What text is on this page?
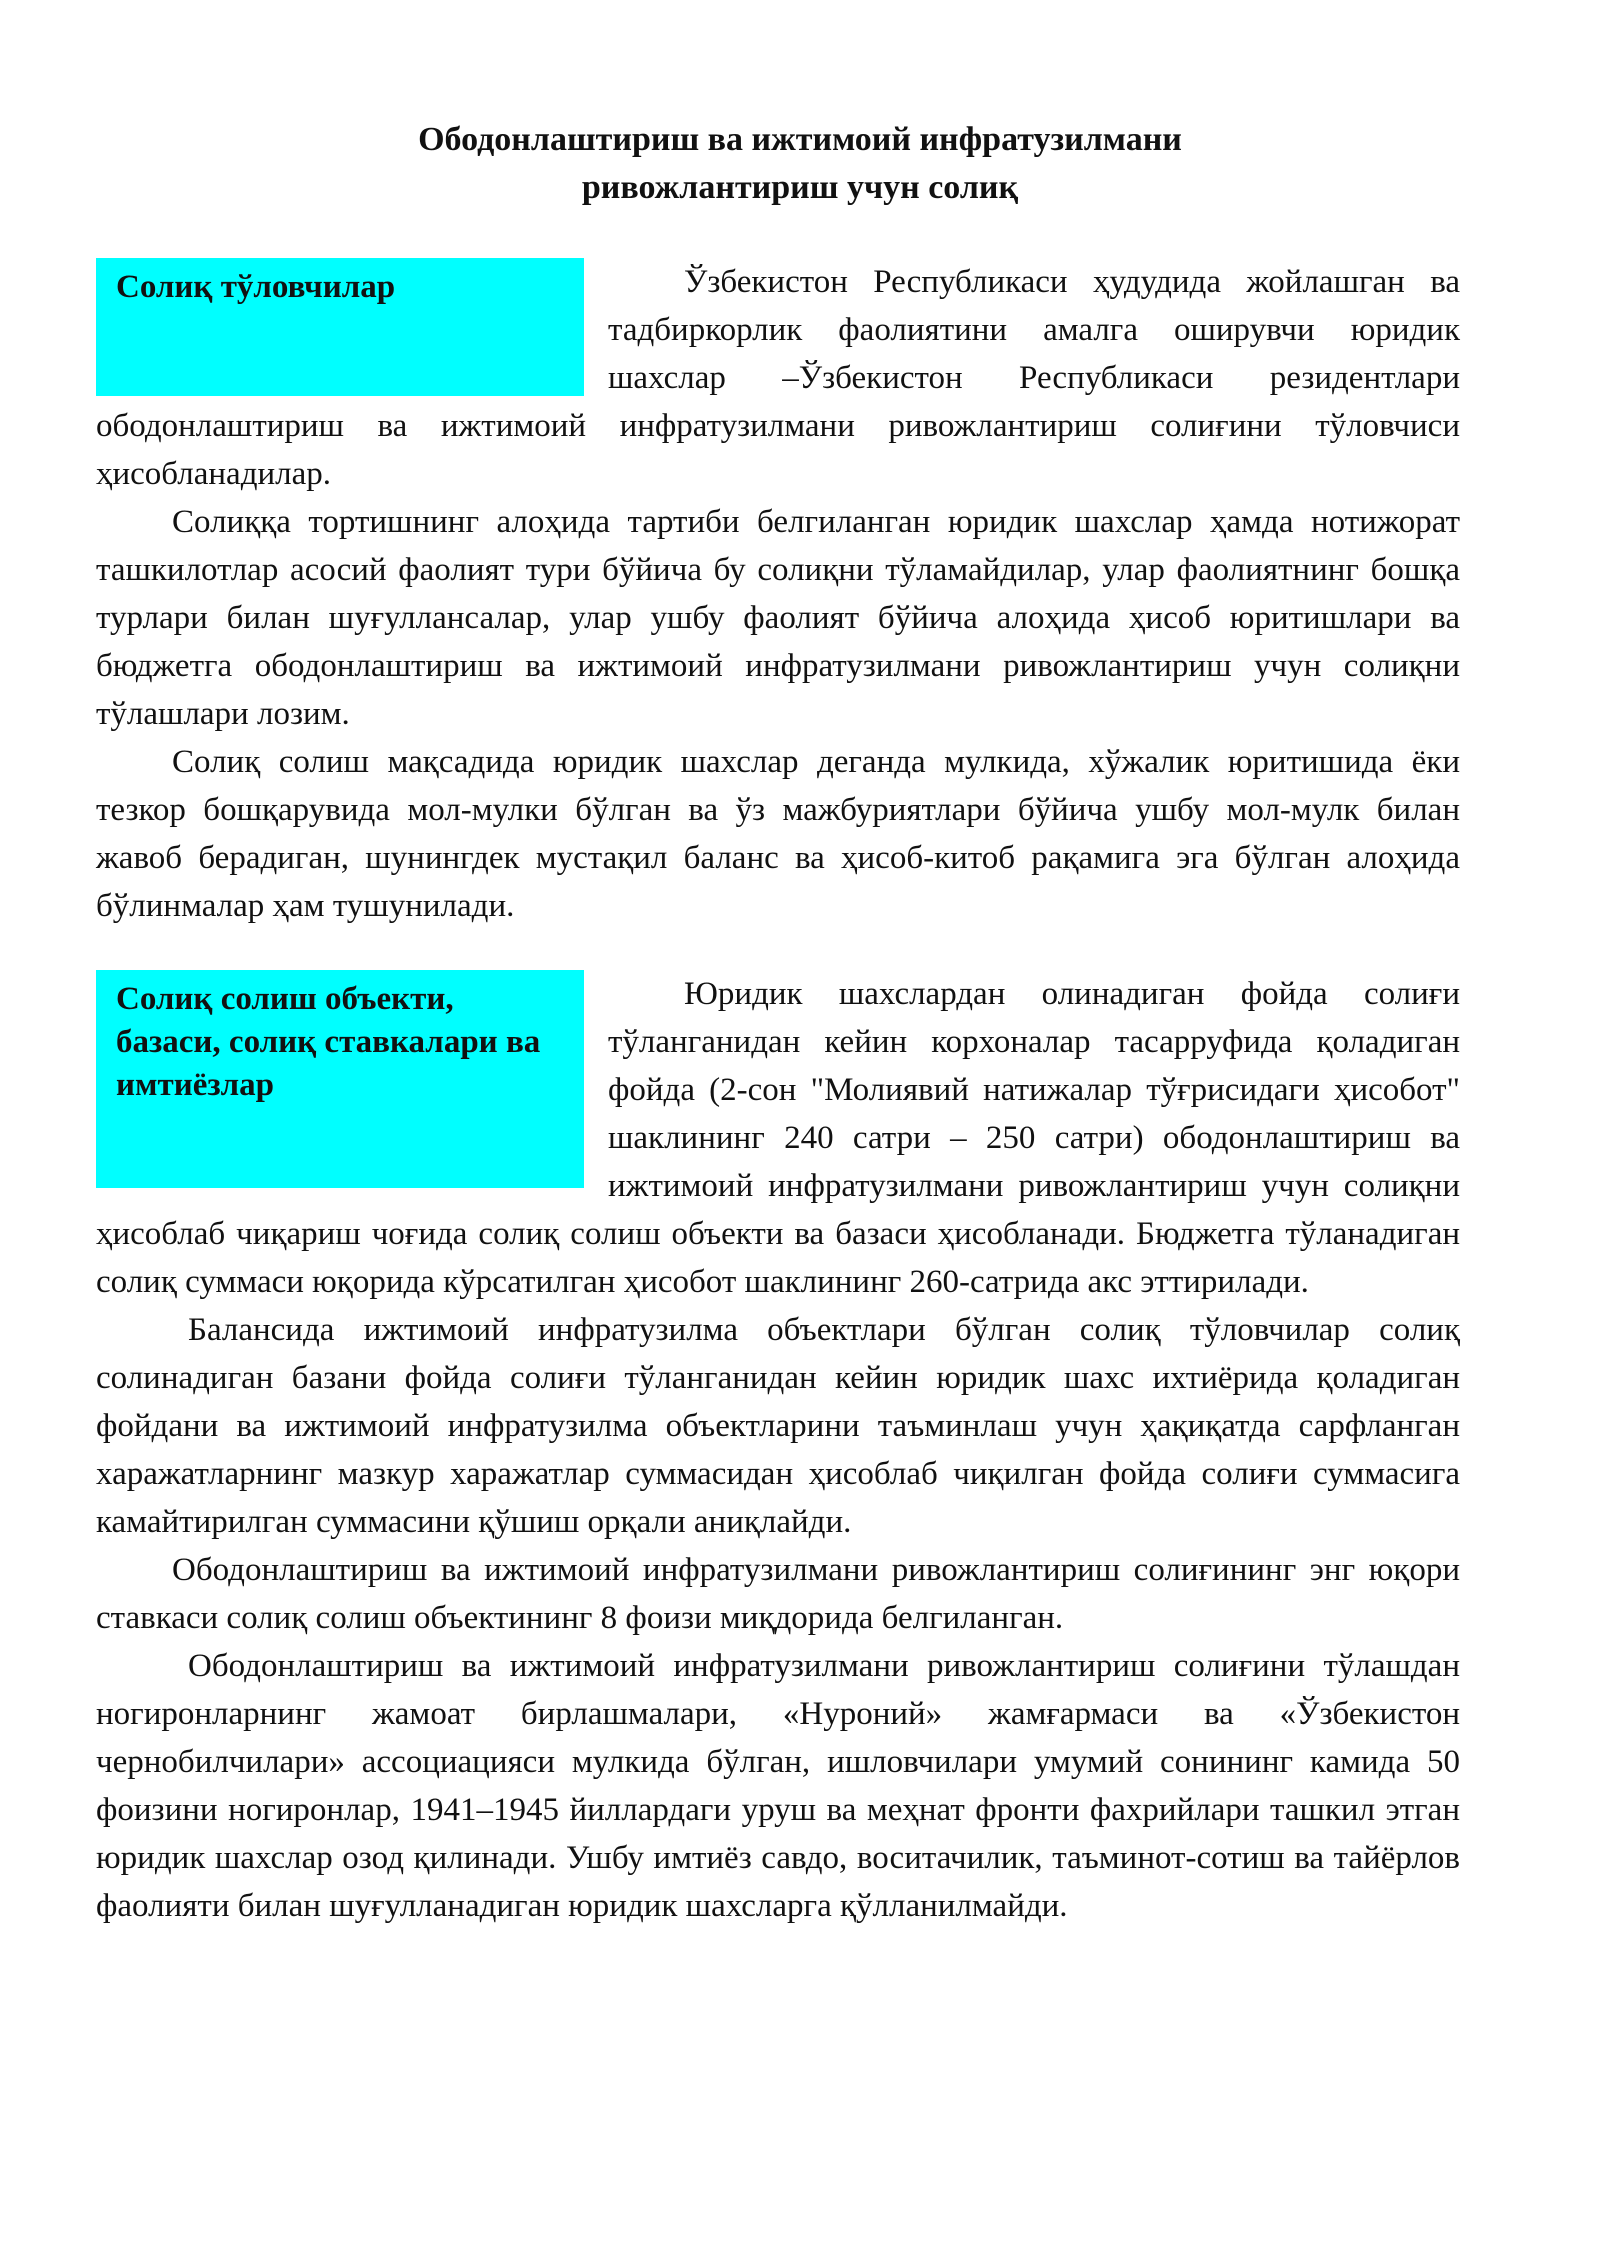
Ободонлаштириш ва ижтимоий инфратузилмани
ривожлантириш учун солиқ
Солиқ тўловчилар	Ўзбекистон Республикаси ҳудудида жойлашган ва тадбиркорлик фаолиятини амалга оширувчи юридик шахслар –Ўзбекистон Республикаси резидентлари ободонлаштириш ва ижтимоий инфратузилмани ривожлантириш солиғини тўловчиси ҳисобланадилар.

Солиққа тортишнинг алоҳида тартиби белгиланган юридик шахслар ҳамда нотижорат ташкилотлар асосий фаолият тури бўйича бу солиқни тўламайдилар, улар фаолиятнинг бошқа турлари билан шуғуллансалар, улар ушбу фаолият бўйича алоҳида ҳисоб юритишлари ва бюджетга ободонлаштириш ва ижтимоий инфратузилмани ривожлантириш учун солиқни тўлашлари лозим.

Солиқ солиш мақсадида юридик шахслар деганда мулкида, хўжалик юритишида ёки тезкор бошқарувида мол-мулки бўлган ва ўз мажбуриятлари бўйича ушбу мол-мулк билан жавоб берадиган, шунингдек мустақил баланс ва ҳисоб-китоб рақамига эга бўлган алоҳида бўлинмалар ҳам тушунилади.

Солиқ солиш объекти, базаси, солиқ ставкалари ва имтиёзлар

Юридик шахслардан олинадиган фойда солиғи тўланганидан кейин корхоналар тасарруфида қоладиган фойда (2-сон "Молиявий натижалар тўғрисидаги ҳисобот" шаклининг 240 сатри – 250 сатри) ободонлаштириш ва ижтимоий инфратузилмани ривожлантириш учун солиқни ҳисоблаб чиқариш чоғида солиқ солиш объекти ва базаси ҳисобланади. Бюджетга тўланадиган солиқ суммаси юқорида кўрсатилган ҳисобот шаклининг 260-сатрида акс эттирилади.

Балансида ижтимоий инфратузилма объектлари бўлган солиқ тўловчилар солиқ солинадиган базани фойда солиғи тўланганидан кейин юридик шахс ихтиёрида қоладиган фойдани ва ижтимоий инфратузилма объектларини таъминлаш учун ҳақиқатда сарфланган харажатларнинг мазкур харажатлар суммасидан ҳисоблаб чиқилган фойда солиғи суммасига камайтирилган суммасини қўшиш орқали аниқлайди.

Ободонлаштириш ва ижтимоий инфратузилмани ривожлантириш солиғининг энг юқори ставкаси солиқ солиш объектининг 8 фоизи миқдорида белгиланган.

Ободонлаштириш ва ижтимоий инфратузилмани ривожлантириш солиғини тўлашдан ногиронларнинг жамоат бирлашмалари, «Нуроний» жамғармаси ва «Ўзбекистон чернобилчилари» ассоциацияси мулкида бўлган, ишловчилари умумий сонининг камида 50 фоизини ногиронлар, 1941–1945 йиллардаги уруш ва меҳнат фронти фахрийлари ташкил этган юридик шахслар озод қилинади. Ушбу имтиёз савдо, воситачилик, таъминот-сотиш ва тайёрлов фаолияти билан шуғулланадиган юридик шахсларга қўлланилмайди.
